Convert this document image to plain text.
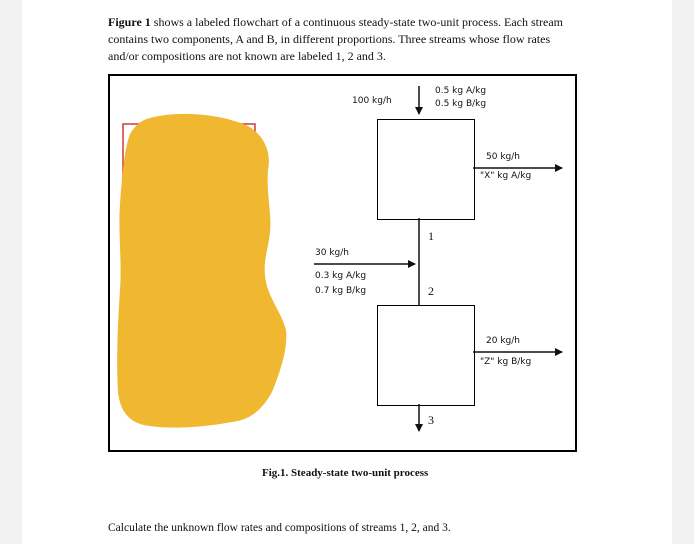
Figure 1 shows a labeled flowchart of a continuous steady-state two-unit process. Each stream
contains two components, A and B, in different proportions. Three streams whose flow rates
and/or compositions are not known are labeled 1, 2 and 3.
100 kg/h
0.5 kg A/kg
0.5 kg B/kg
50 kg/h
"X" kg A/kg
30 kg/h
0.3 kg A/kg
0.7 kg B/kg
20 kg/h
"Z" kg B/kg
1
2
3
Fig.1. Steady-state two-unit process
Calculate the unknown flow rates and compositions of streams 1, 2, and 3.
